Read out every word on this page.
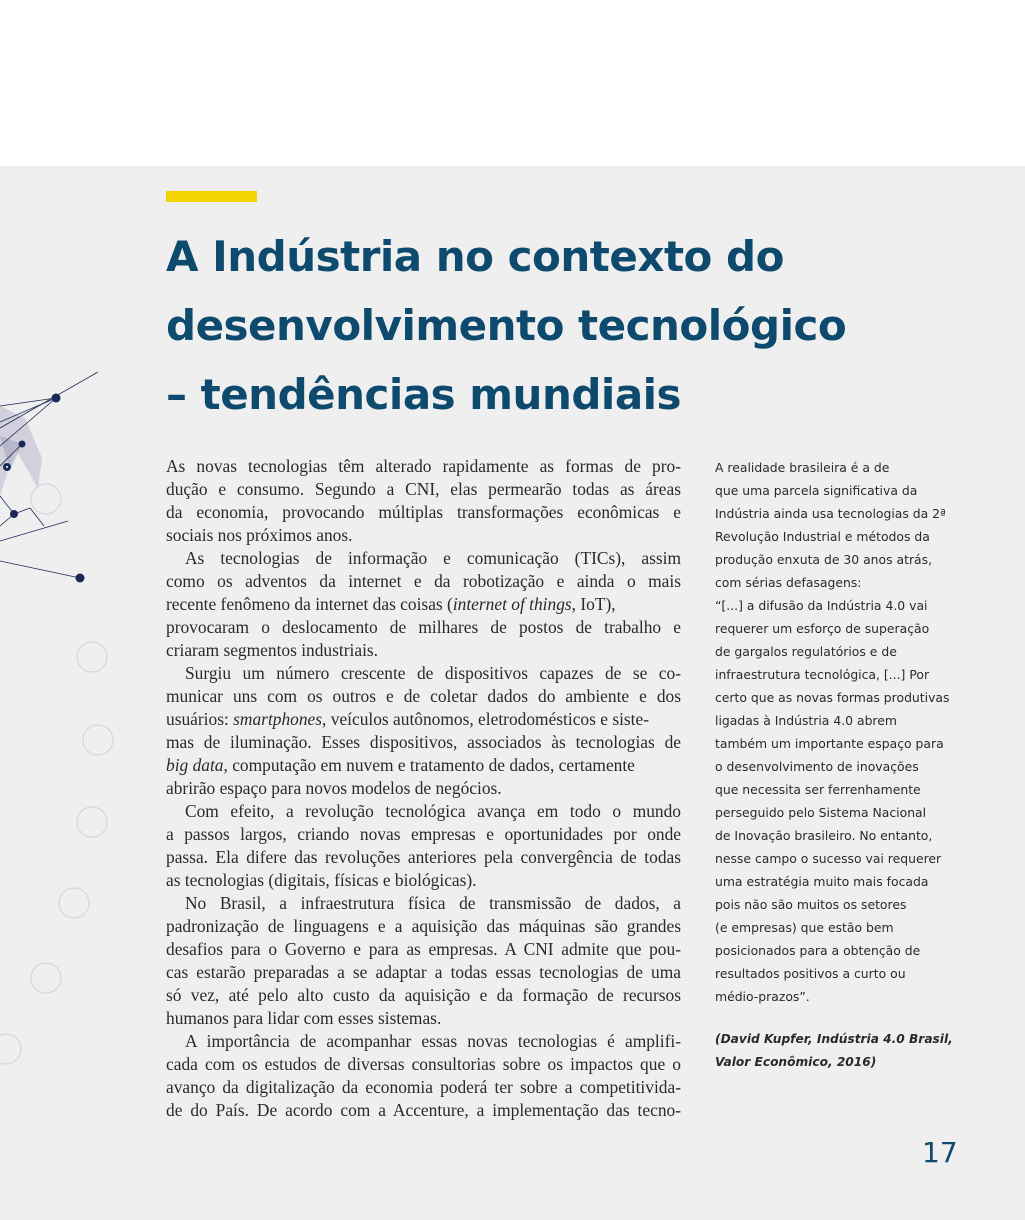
A Indústria no contexto do
desenvolvimento tecnológico
– tendências mundiais
As novas tecnologias têm alterado rapidamente as formas de pro-
dução e consumo. Segundo a CNI, elas permearão todas as áreas
da economia, provocando múltiplas transformações econômicas e
sociais nos próximos anos.
As tecnologias de informação e comunicação (TICs), assim
como os adventos da internet e da robotização e ainda o mais
recente fenômeno da internet das coisas (internet of things, IoT),
provocaram o deslocamento de milhares de postos de trabalho e
criaram segmentos industriais.
Surgiu um número crescente de dispositivos capazes de se co-
municar uns com os outros e de coletar dados do ambiente e dos
usuários: smartphones, veículos autônomos, eletrodomésticos e siste-
mas de iluminação. Esses dispositivos, associados às tecnologias de
big data, computação em nuvem e tratamento de dados, certamente
abrirão espaço para novos modelos de negócios.
Com efeito, a revolução tecnológica avança em todo o mundo
a passos largos, criando novas empresas e oportunidades por onde
passa. Ela difere das revoluções anteriores pela convergência de todas
as tecnologias (digitais, físicas e biológicas).
No Brasil, a infraestrutura física de transmissão de dados, a
padronização de linguagens e a aquisição das máquinas são grandes
desafios para o Governo e para as empresas. A CNI admite que pou-
cas estarão preparadas a se adaptar a todas essas tecnologias de uma
só vez, até pelo alto custo da aquisição e da formação de recursos
humanos para lidar com esses sistemas.
A importância de acompanhar essas novas tecnologias é amplifi-
cada com os estudos de diversas consultorias sobre os impactos que o
avanço da digitalização da economia poderá ter sobre a competitivida-
de do País. De acordo com a Accenture, a implementação das tecno-
A realidade brasileira é a de
que uma parcela significativa da
Indústria ainda usa tecnologias da 2ª
Revolução Industrial e métodos da
produção enxuta de 30 anos atrás,
com sérias defasagens:
“[...] a difusão da Indústria 4.0 vai
requerer um esforço de superação
de gargalos regulatórios e de
infraestrutura tecnológica, [...] Por
certo que as novas formas produtivas
ligadas à Indústria 4.0 abrem
também um importante espaço para
o desenvolvimento de inovações
que necessita ser ferrenhamente
perseguido pelo Sistema Nacional
de Inovação brasileiro. No entanto,
nesse campo o sucesso vai requerer
uma estratégia muito mais focada
pois não são muitos os setores
(e empresas) que estão bem
posicionados para a obtenção de
resultados positivos a curto ou
médio-prazos”.
(David Kupfer, Indústria 4.0 Brasil,
Valor Econômico, 2016)
17
